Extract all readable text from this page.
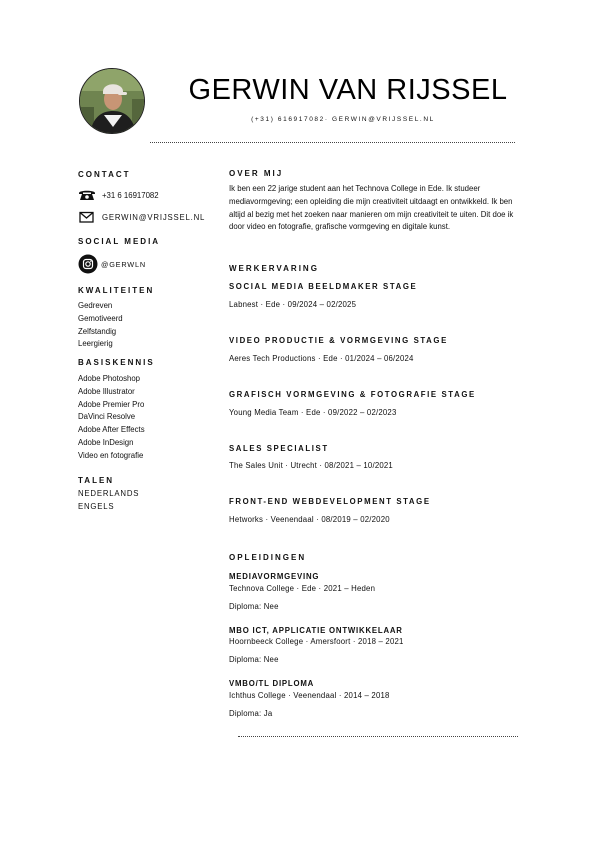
GERWIN VAN RIJSSEL
(+31) 616917082· GERWIN@VRIJSSEL.NL
CONTACT
+31 6 16917082
GERWIN@VRIJSSEL.NL
SOCIAL MEDIA
@GERWLN
KWALITEITEN
Gedreven
Gemotiveerd
Zelfstandig
Leergierig
BASISKENNIS
Adobe Photoshop
Adobe Illustrator
Adobe Premier Pro
DaVinci Resolve
Adobe After Effects
Adobe InDesign
Video en fotografie
TALEN
NEDERLANDS
ENGELS
OVER MIJ

Ik ben een 22 jarige student aan het Technova College in Ede. Ik studeer mediavormgeving; een opleiding die mijn creativiteit uitdaagt en ontwikkeld. Ik ben altijd al bezig met het zoeken naar manieren om mijn creativiteit te uiten. Dit doe ik door video en fotografie, grafische vormgeving en digitale kunst.

WERKERVARING
SOCIAL MEDIA BEELDMAKER STAGE
Labnest · Ede · 09/2024 – 02/2025
VIDEO PRODUCTIE & VORMGEVING STAGE
Aeres Tech Productions · Ede · 01/2024 – 06/2024
GRAFISCH VORMGEVING & FOTOGRAFIE STAGE
Young Media Team · Ede · 09/2022 – 02/2023
SALES SPECIALIST
The Sales Unit · Utrecht · 08/2021 – 10/2021
FRONT-END WEBDEVELOPMENT STAGE
Hetworks · Veenendaal · 08/2019 – 02/2020
OPLEIDINGEN
MEDIAVORMGEVING
Technova College · Ede · 2021 – Heden
Diploma: Nee
MBO ICT, APPLICATIE ONTWIKKELAAR
Hoornbeeck College · Amersfoort · 2018 – 2021
Diploma: Nee
VMBO/TL DIPLOMA
Ichthus College · Veenendaal · 2014 – 2018
Diploma: Ja
